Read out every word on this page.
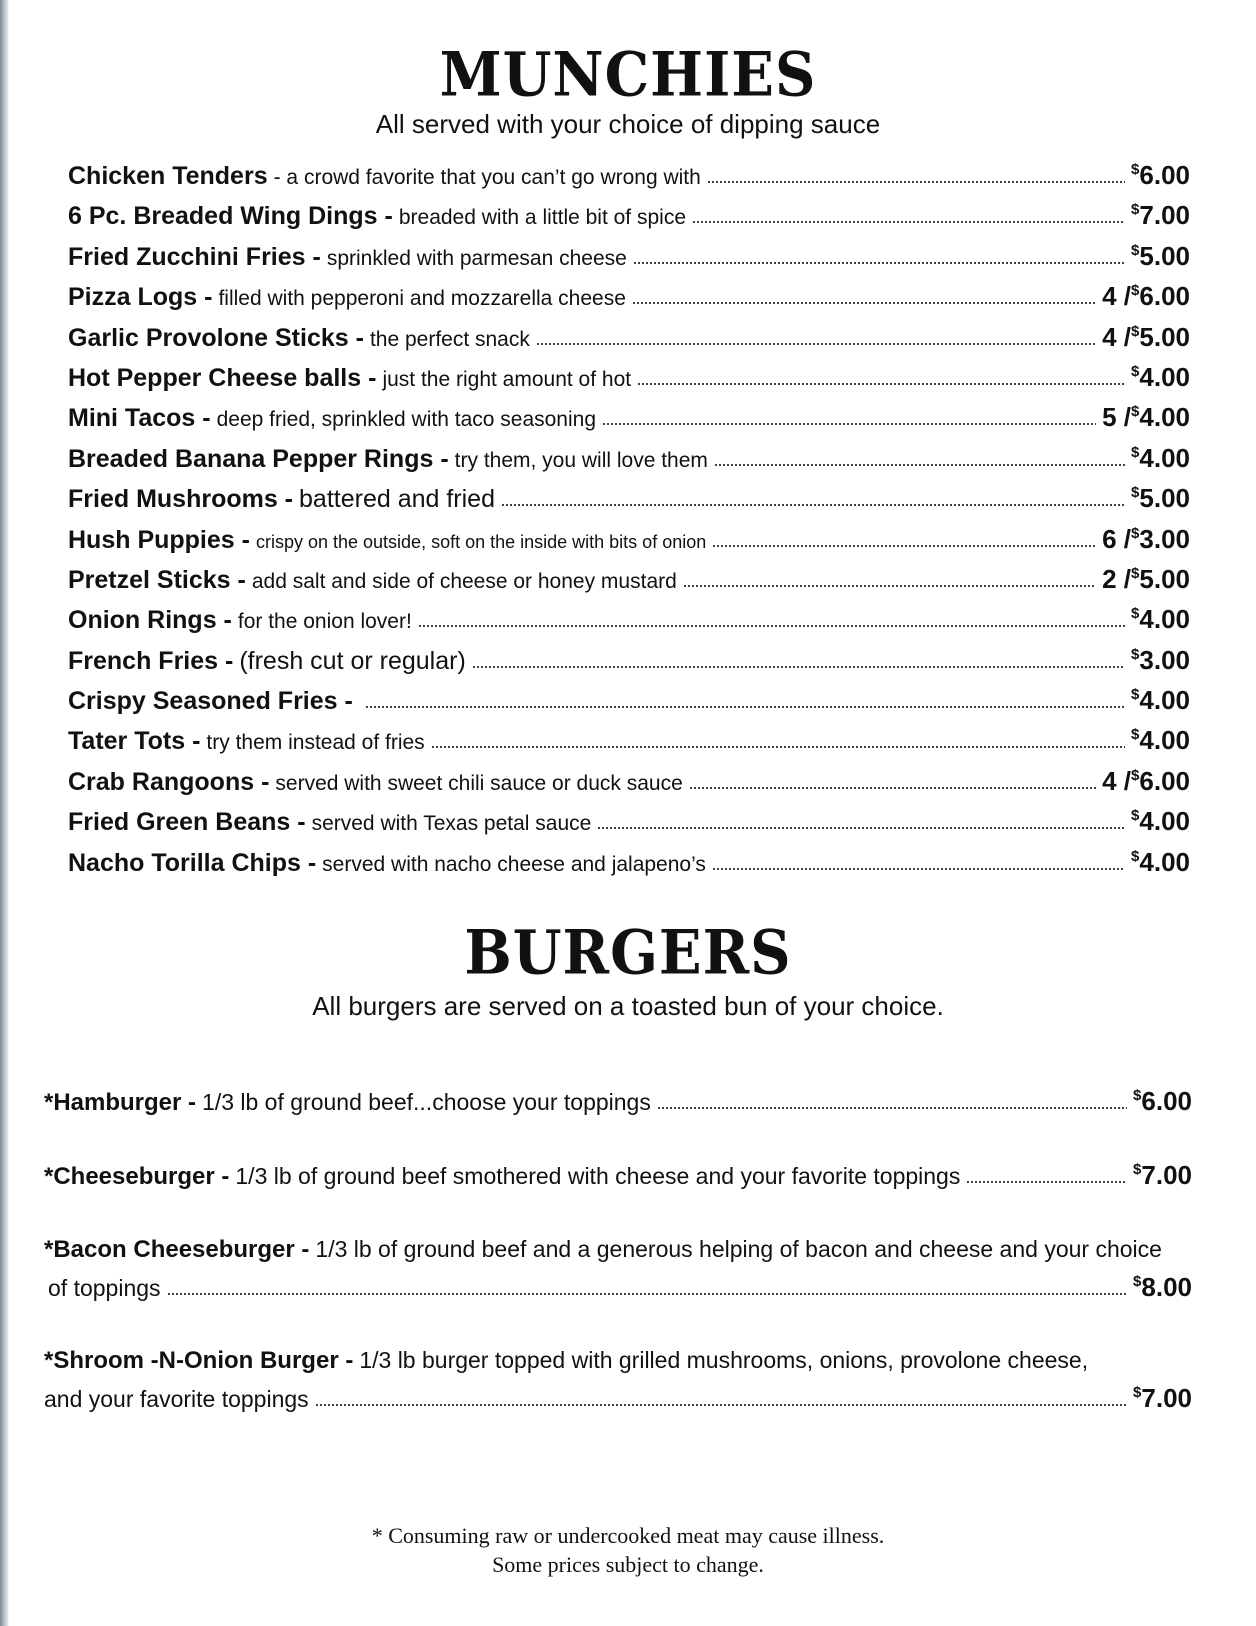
MUNCHIES

All served with your choice of dipping sauce

Chicken Tenders - a crowd favorite that you can’t go wrong with	$6.00
6 Pc. Breaded Wing Dings - breaded with a little bit of spice	$7.00
Fried Zucchini Fries - sprinkled with parmesan cheese	$5.00
Pizza Logs - filled with pepperoni and mozzarella cheese	4 /$6.00
Garlic Provolone Sticks - the perfect snack	4 /$5.00
Hot Pepper Cheese balls - just the right amount of hot	$4.00
Mini Tacos - deep fried, sprinkled with taco seasoning	5 /$4.00
Breaded Banana Pepper Rings - try them, you will love them	$4.00
Fried Mushrooms - battered and fried	$5.00
Hush Puppies - crispy on the outside, soft on the inside with bits of onion	6 /$3.00
Pretzel Sticks - add salt and side of cheese or honey mustard	2 /$5.00
Onion Rings - for the onion lover!	$4.00
French Fries - (fresh cut or regular)	$3.00
Crispy Seasoned Fries -	$4.00
Tater Tots - try them instead of fries	$4.00
Crab Rangoons - served with sweet chili sauce or duck sauce	4 /$6.00
Fried Green Beans - served with Texas petal sauce	$4.00
Nacho Torilla Chips - served with nacho cheese and jalapeno’s	$4.00
BURGERS

All burgers are served on a toasted bun of your choice.

*Hamburger - 1/3 lb of ground beef...choose your toppings	$6.00
*Cheeseburger - 1/3 lb of ground beef smothered with cheese and your favorite toppings	$7.00
*Bacon Cheeseburger - 1/3 lb of ground beef and a generous helping of bacon and cheese and your choice
of toppings	$8.00
*Shroom -N-Onion Burger - 1/3 lb burger topped with grilled mushrooms, onions, provolone cheese,
and your favorite toppings	$7.00
* Consuming raw or undercooked meat may cause illness.
Some prices subject to change.
